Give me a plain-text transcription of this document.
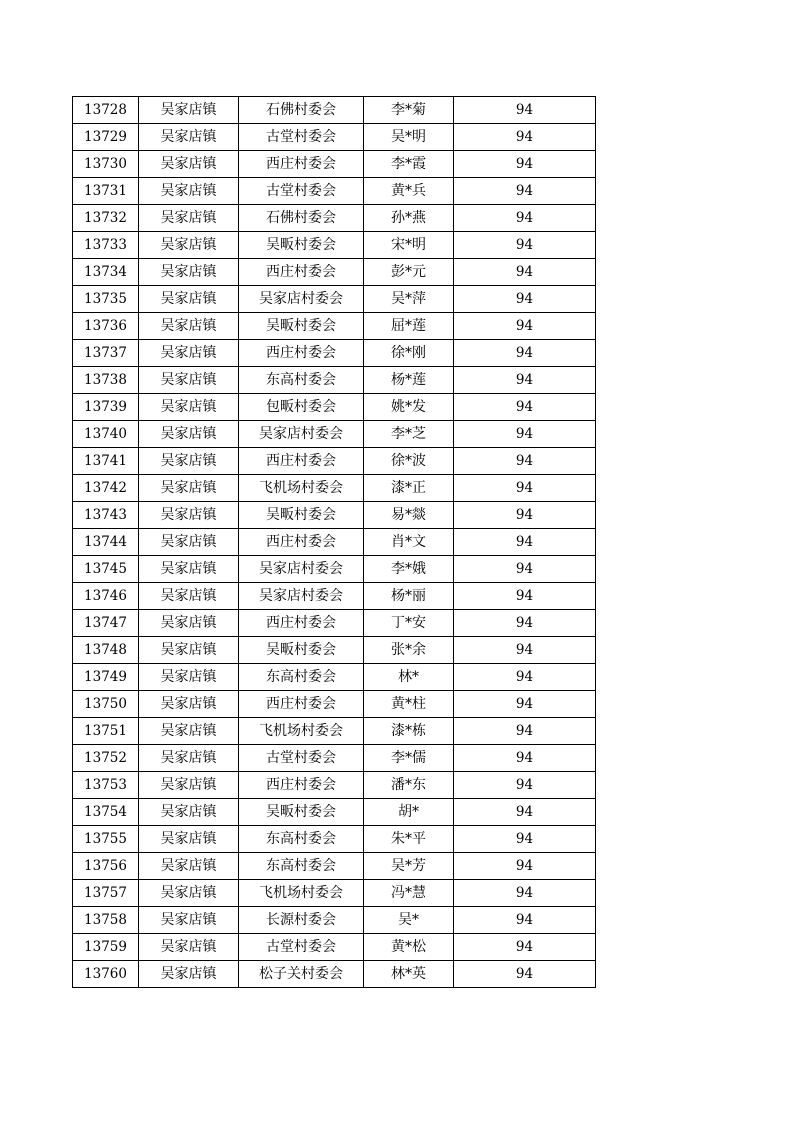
13728	吴家店镇	石佛村委会	李*菊	94
13729	吴家店镇	古堂村委会	吴*明	94
13730	吴家店镇	西庄村委会	李*霞	94
13731	吴家店镇	古堂村委会	黄*兵	94
13732	吴家店镇	石佛村委会	孙*燕	94
13733	吴家店镇	吴畈村委会	宋*明	94
13734	吴家店镇	西庄村委会	彭*元	94
13735	吴家店镇	吴家店村委会	吴*萍	94
13736	吴家店镇	吴畈村委会	屈*莲	94
13737	吴家店镇	西庄村委会	徐*刚	94
13738	吴家店镇	东高村委会	杨*莲	94
13739	吴家店镇	包畈村委会	姚*发	94
13740	吴家店镇	吴家店村委会	李*芝	94
13741	吴家店镇	西庄村委会	徐*波	94
13742	吴家店镇	飞机场村委会	漆*正	94
13743	吴家店镇	吴畈村委会	易*燚	94
13744	吴家店镇	西庄村委会	肖*文	94
13745	吴家店镇	吴家店村委会	李*娥	94
13746	吴家店镇	吴家店村委会	杨*丽	94
13747	吴家店镇	西庄村委会	丁*安	94
13748	吴家店镇	吴畈村委会	张*余	94
13749	吴家店镇	东高村委会	林*	94
13750	吴家店镇	西庄村委会	黄*柱	94
13751	吴家店镇	飞机场村委会	漆*栋	94
13752	吴家店镇	古堂村委会	李*儒	94
13753	吴家店镇	西庄村委会	潘*东	94
13754	吴家店镇	吴畈村委会	胡*	94
13755	吴家店镇	东高村委会	朱*平	94
13756	吴家店镇	东高村委会	吴*芳	94
13757	吴家店镇	飞机场村委会	冯*慧	94
13758	吴家店镇	长源村委会	吴*	94
13759	吴家店镇	古堂村委会	黄*松	94
13760	吴家店镇	松子关村委会	林*英	94
